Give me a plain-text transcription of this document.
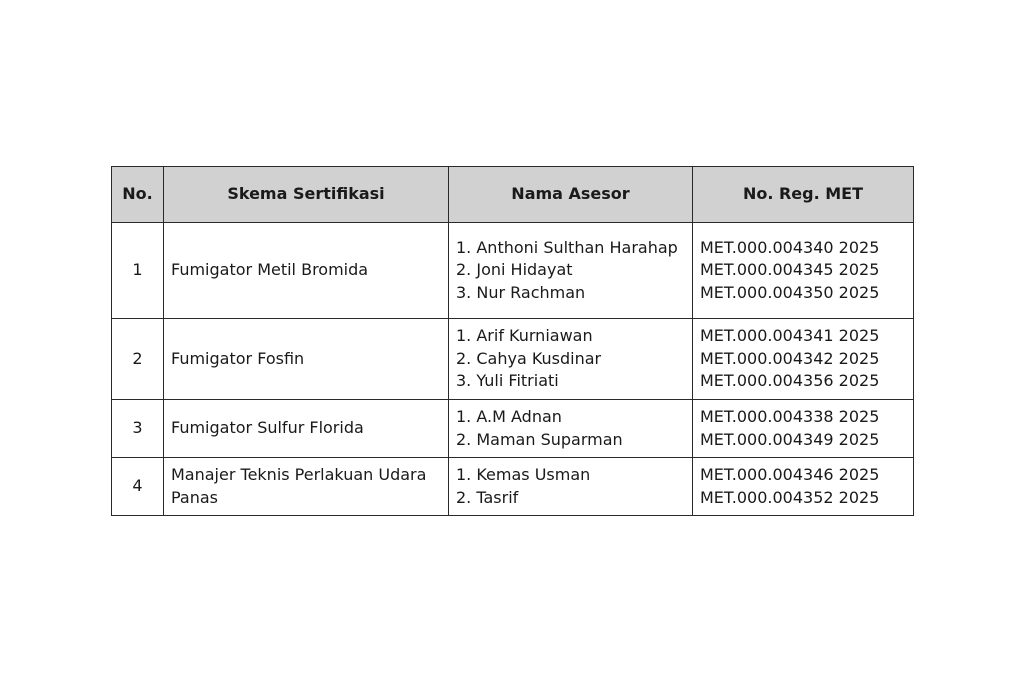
No.	Skema Sertifikasi	Nama Asesor	No. Reg. MET
1	Fumigator Metil Bromida	1. Anthoni Sulthan Harahap
2. Joni Hidayat
3. Nur Rachman	MET.000.004340 2025
MET.000.004345 2025
MET.000.004350 2025

2	Fumigator Fosfin	1. Arif Kurniawan
2. Cahya Kusdinar
3. Yuli Fitriati	MET.000.004341 2025
MET.000.004342 2025
MET.000.004356 2025

3	Fumigator Sulfur Florida	1. A.M Adnan
2. Maman Suparman	MET.000.004338 2025
MET.000.004349 2025

4	Manajer Teknis Perlakuan Udara Panas	1. Kemas Usman
2. Tasrif	MET.000.004346 2025
MET.000.004352 2025
